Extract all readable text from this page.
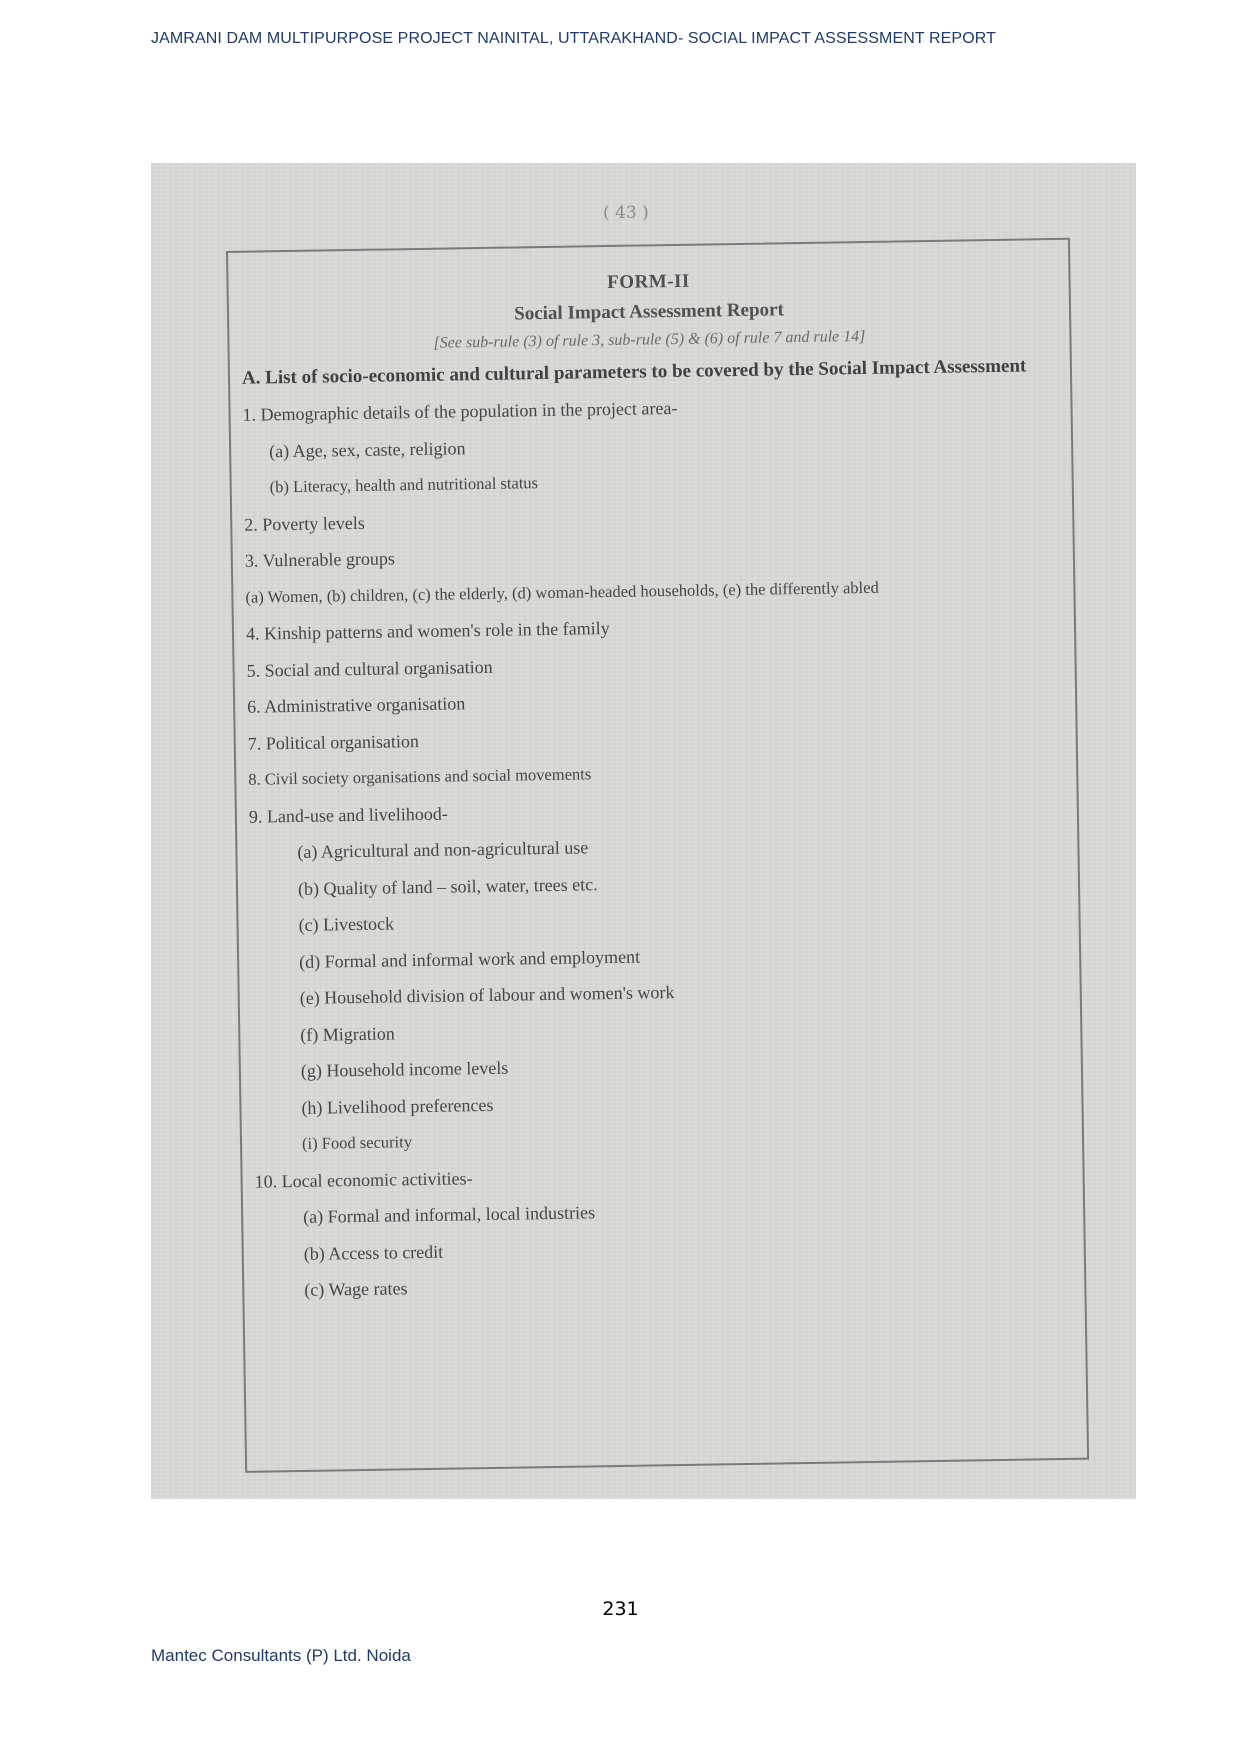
JAMRANI DAM MULTIPURPOSE PROJECT NAINITAL, UTTARAKHAND- SOCIAL IMPACT ASSESSMENT REPORT
( 43 )
FORM-II
Social Impact Assessment Report
[See sub-rule (3) of rule 3, sub-rule (5) & (6) of rule 7 and rule 14]
A. List of socio-economic and cultural parameters to be covered by the Social Impact Assessment
1. Demographic details of the population in the project area-
(a) Age, sex, caste, religion
(b) Literacy, health and nutritional status
2. Poverty levels
3. Vulnerable groups
(a) Women, (b) children, (c) the elderly, (d) woman-headed households, (e) the differently abled
4. Kinship patterns and women's role in the family
5. Social and cultural organisation
6. Administrative organisation
7. Political organisation
8. Civil society organisations and social movements
9. Land-use and livelihood-
(a) Agricultural and non-agricultural use
(b) Quality of land – soil, water, trees etc.
(c) Livestock
(d) Formal and informal work and employment
(e) Household division of labour and women's work
(f) Migration
(g) Household income levels
(h) Livelihood preferences
(i) Food security
10. Local economic activities-
(a) Formal and informal, local industries
(b) Access to credit
(c) Wage rates
231
Mantec Consultants (P) Ltd. Noida
